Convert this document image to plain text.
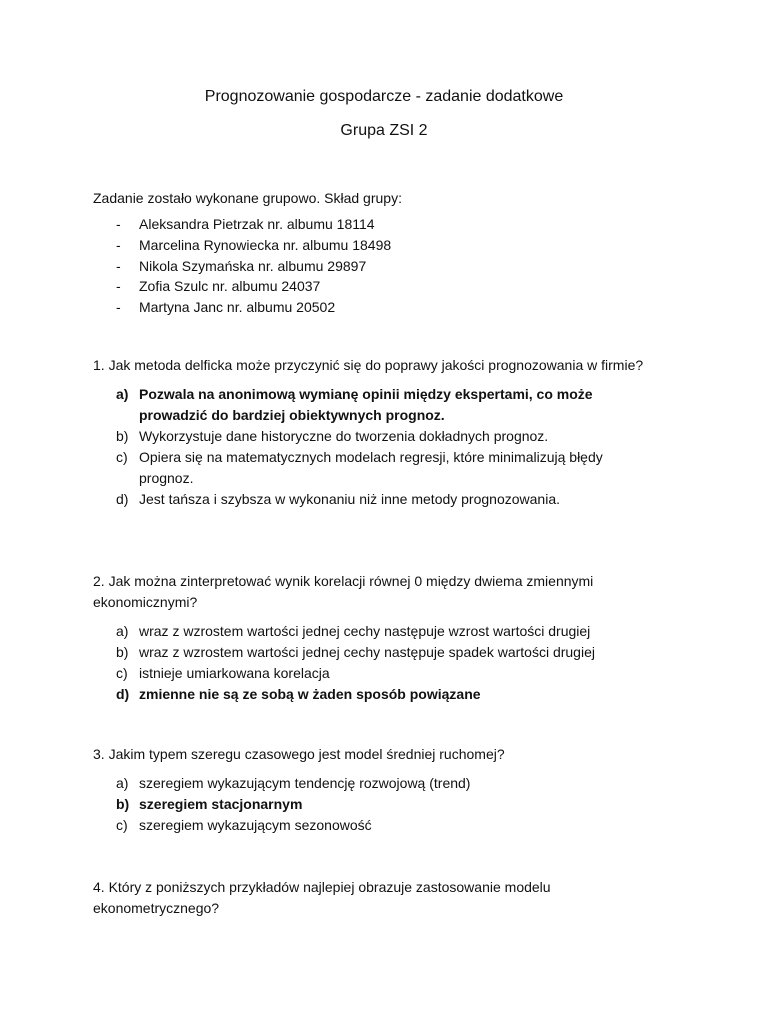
Prognozowanie gospodarcze - zadanie dodatkowe
Grupa ZSI 2
Zadanie zostało wykonane grupowo. Skład grupy:
- Aleksandra Pietrzak nr. albumu 18114
- Marcelina Rynowiecka nr. albumu 18498
- Nikola Szymańska nr. albumu 29897
- Zofia Szulc nr. albumu 24037
- Martyna Janc nr. albumu 20502
1. Jak metoda delficka może przyczynić się do poprawy jakości prognozowania w firmie?
a) Pozwala na anonimową wymianę opinii między ekspertami, co może prowadzić do bardziej obiektywnych prognoz.
b) Wykorzystuje dane historyczne do tworzenia dokładnych prognoz.
c) Opiera się na matematycznych modelach regresji, które minimalizują błędy prognoz.
d) Jest tańsza i szybsza w wykonaniu niż inne metody prognozowania.
2. Jak można zinterpretować wynik korelacji równej 0 między dwiema zmiennymi ekonomicznymi?
a) wraz z wzrostem wartości jednej cechy następuje wzrost wartości drugiej
b) wraz z wzrostem wartości jednej cechy następuje spadek wartości drugiej
c) istnieje umiarkowana korelacja
d) zmienne nie są ze sobą w żaden sposób powiązane
3. Jakim typem szeregu czasowego jest model średniej ruchomej?
a) szeregiem wykazującym tendencję rozwojową (trend)
b) szeregiem stacjonarnym
c) szeregiem wykazującym sezonowość
4. Który z poniższych przykładów najlepiej obrazuje zastosowanie modelu ekonometrycznego?
